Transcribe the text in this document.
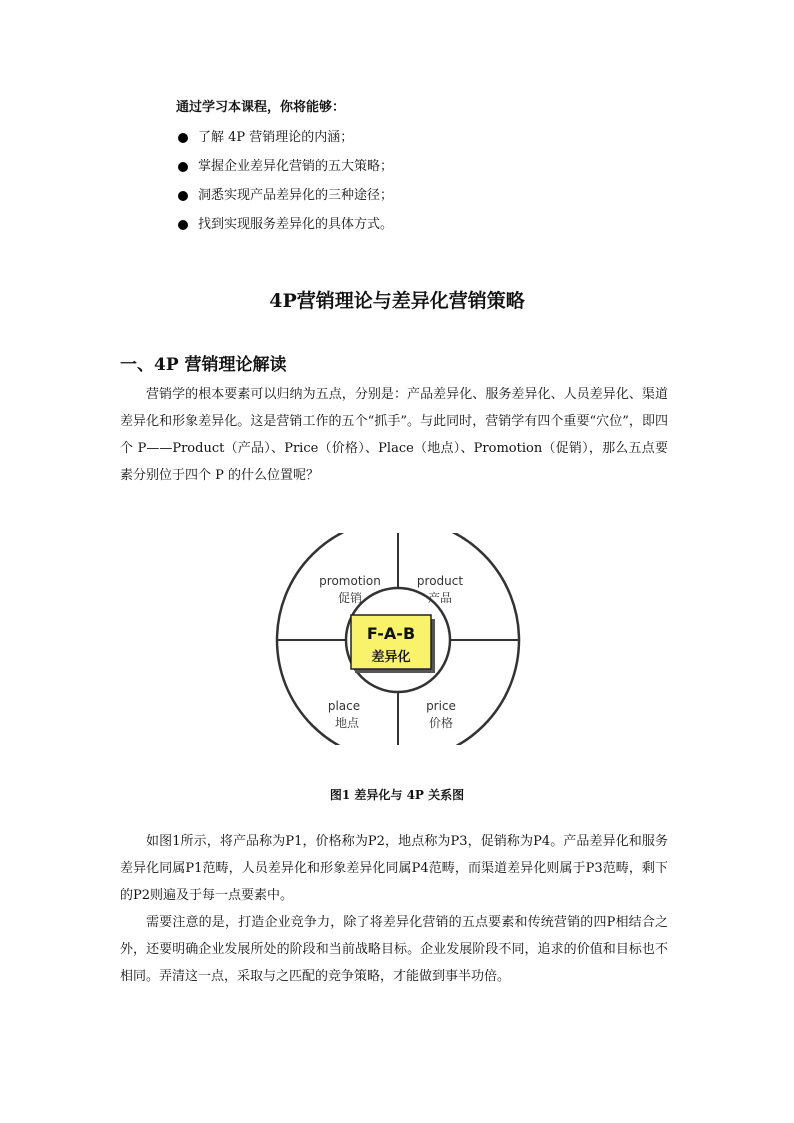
通过学习本课程，你将能够：
了解 4P 营销理论的内涵；
掌握企业差异化营销的五大策略；
洞悉实现产品差异化的三种途径；
找到实现服务差异化的具体方式。
4P营销理论与差异化营销策略
一、4P 营销理论解读

营销学的根本要素可以归纳为五点，分别是：产品差异化、服务差异化、人员差异化、渠道差异化和形象差异化。这是营销工作的五个“抓手”。与此同时，营销学有四个重要“穴位”，即四个 P——Product（产品）、Price（价格）、Place（地点）、Promotion（促销），那么五点要素分别位于四个 P 的什么位置呢？

F-A-B
差异化
promotion
促销
product
产品
place
地点
price
价格
图1 差异化与 4P 关系图

如图1所示，将产品称为P1，价格称为P2，地点称为P3，促销称为P4。产品差异化和服务差异化同属P1范畴，人员差异化和形象差异化同属P4范畴，而渠道差异化则属于P3范畴，剩下的P2则遍及于每一点要素中。

需要注意的是，打造企业竞争力，除了将差异化营销的五点要素和传统营销的四P相结合之外，还要明确企业发展所处的阶段和当前战略目标。企业发展阶段不同，追求的价值和目标也不相同。弄清这一点，采取与之匹配的竞争策略，才能做到事半功倍。
